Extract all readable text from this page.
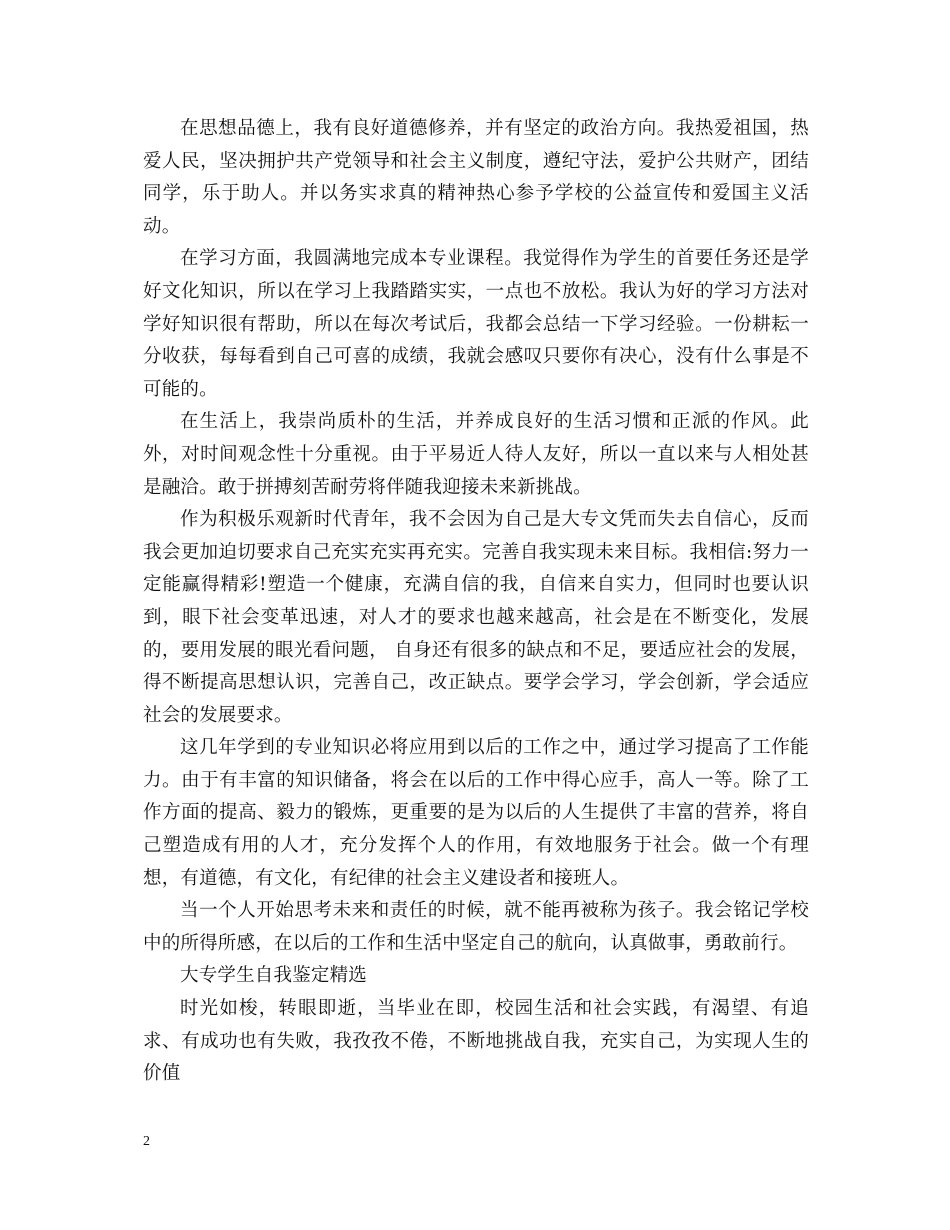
在思想品德上，我有良好道德修养，并有坚定的政治方向。我热爱祖国，热爱人民，坚决拥护共产党领导和社会主义制度，遵纪守法，爱护公共财产，团结同学，乐于助人。并以务实求真的精神热心参予学校的公益宣传和爱国主义活动。

在学习方面，我圆满地完成本专业课程。我觉得作为学生的首要任务还是学好文化知识，所以在学习上我踏踏实实，一点也不放松。我认为好的学习方法对学好知识很有帮助，所以在每次考试后，我都会总结一下学习经验。一份耕耘一分收获，每每看到自己可喜的成绩，我就会感叹只要你有决心，没有什么事是不可能的。

在生活上，我崇尚质朴的生活，并养成良好的生活习惯和正派的作风。此外，对时间观念性十分重视。由于平易近人待人友好，所以一直以来与人相处甚是融洽。敢于拼搏刻苦耐劳将伴随我迎接未来新挑战。

作为积极乐观新时代青年，我不会因为自己是大专文凭而失去自信心，反而我会更加迫切要求自己充实充实再充实。完善自我实现未来目标。我相信:努力一定能赢得精彩!塑造一个健康，充满自信的我，自信来自实力，但同时也要认识到，眼下社会变革迅速，对人才的要求也越来越高，社会是在不断变化，发展的，要用发展的眼光看问题， 自身还有很多的缺点和不足，要适应社会的发展，得不断提高思想认识，完善自己，改正缺点。要学会学习，学会创新，学会适应社会的发展要求。

这几年学到的专业知识必将应用到以后的工作之中，通过学习提高了工作能力。由于有丰富的知识储备，将会在以后的工作中得心应手，高人一等。除了工作方面的提高、毅力的锻炼，更重要的是为以后的人生提供了丰富的营养，将自己塑造成有用的人才，充分发挥个人的作用，有效地服务于社会。做一个有理想，有道德，有文化，有纪律的社会主义建设者和接班人。

当一个人开始思考未来和责任的时候，就不能再被称为孩子。我会铭记学校中的所得所感，在以后的工作和生活中坚定自己的航向，认真做事，勇敢前行。

大专学生自我鉴定精选

时光如梭，转眼即逝，当毕业在即，校园生活和社会实践，有渴望、有追求、有成功也有失败，我孜孜不倦，不断地挑战自我，充实自己，为实现人生的价值

2
